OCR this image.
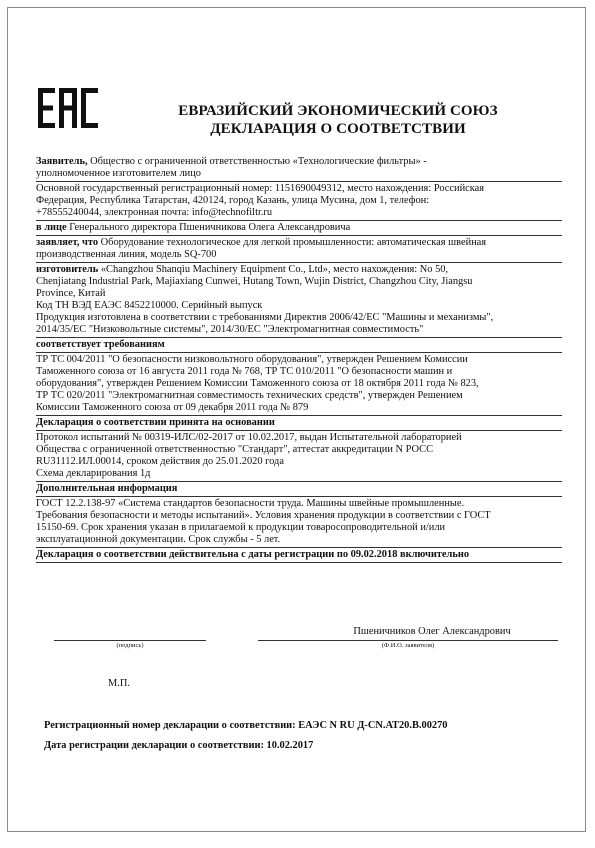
ЕВРАЗИЙСКИЙ ЭКОНОМИЧЕСКИЙ СОЮЗ
ДЕКЛАРАЦИЯ О СООТВЕТСТВИИ
Заявитель, Общество с ограниченной ответственностью «Технологические фильтры» -
уполномоченное изготовителем лицо
Основной государственный регистрационный номер: 1151690049312, место нахождения: Российская
Федерация, Республика Татарстан, 420124, город Казань, улица Мусина, дом 1, телефон:
+78555240044, электронная почта: info@technofiltr.ru
в лице Генерального директора Пшеничникова Олега Александровича
заявляет, что Оборудование технологическое для легкой промышленности: автоматическая швейная
производственная линия, модель SQ-700
изготовитель «Changzhou Shanqiu Machinery Equipment Co., Ltd», место нахождения: No 50,
Chenjiatang Industrial Park, Majiaxiang Cunwei, Hutang Town, Wujin District, Changzhou City, Jiangsu
Province, Китай
Код ТН ВЭД ЕАЭС 8452210000. Серийный выпуск
Продукция изготовлена в соответствии с требованиями Директив 2006/42/ЕС "Машины и механизмы",
2014/35/ЕС "Низковольтные системы", 2014/30/ЕС "Электромагнитная совместимость"
соответствует требованиям
ТР ТС 004/2011 "О безопасности низковольтного оборудования", утвержден Решением Комиссии
Таможенного союза от 16 августа 2011 года № 768, ТР ТС 010/2011 "О безопасности машин и
оборудования", утвержден Решением Комиссии Таможенного союза от 18 октября 2011 года № 823,
ТР ТС 020/2011 "Электромагнитная совместимость технических средств", утвержден Решением
Комиссии Таможенного союза от 09 декабря 2011 года № 879
Декларация о соответствии принята на основании
Протокол испытаний № 00319-ИЛС/02-2017 от 10.02.2017, выдан Испытательной лабораторией
Общества с ограниченной ответственностью "Стандарт", аттестат аккредитации N РОСС
RU31112.ИЛ.00014, сроком действия до 25.01.2020 года
Схема декларирования 1д
Дополнительная информация
ГОСТ 12.2.138-97 «Система стандартов безопасности труда. Машины швейные промышленные.
Требования безопасности и методы испытаний». Условия хранения продукции в соответствии с ГОСТ
15150-69. Срок хранения указан в прилагаемой к продукции товаросопроводительной и/или
эксплуатационной документации. Срок службы - 5 лет.
Декларация о соответствии действительна с даты регистрации по 09.02.2018 включительно
(подпись)
Пшеничников Олег Александрович
(Ф.И.О. заявителя)
М.П.
Регистрационный номер декларации о соответствии: ЕАЭС N RU Д-CN.АТ20.В.00270
Дата регистрации декларации о соответствии: 10.02.2017
